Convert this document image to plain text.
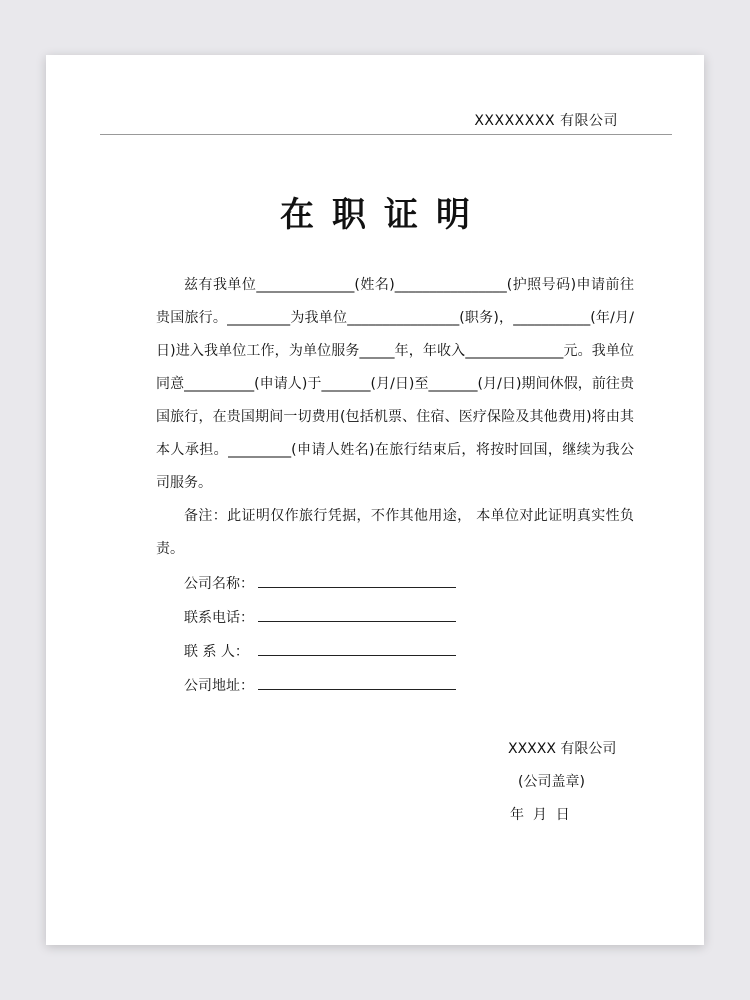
XXXXXXXX 有限公司
在职证明

兹有我单位______________(姓名)________________(护照号码)申请前往贵国旅行。_________为我单位________________(职务)，___________(年/月/日)进入我单位工作，为单位服务_____年，年收入______________元。我单位同意__________(申请人)于_______(月/日)至_______(月/日)期间休假，前往贵国旅行，在贵国期间一切费用(包括机票、住宿、医疗保险及其他费用)将由其本人承担。_________(申请人姓名)在旅行结束后，将按时回国，继续为我公司服务。

备注：此证明仅作旅行凭据，不作其他用途， 本单位对此证明真实性负责。

公司名称：
联系电话：
联 系 人：
公司地址：
XXXXX 有限公司
(公司盖章)
年  月  日
